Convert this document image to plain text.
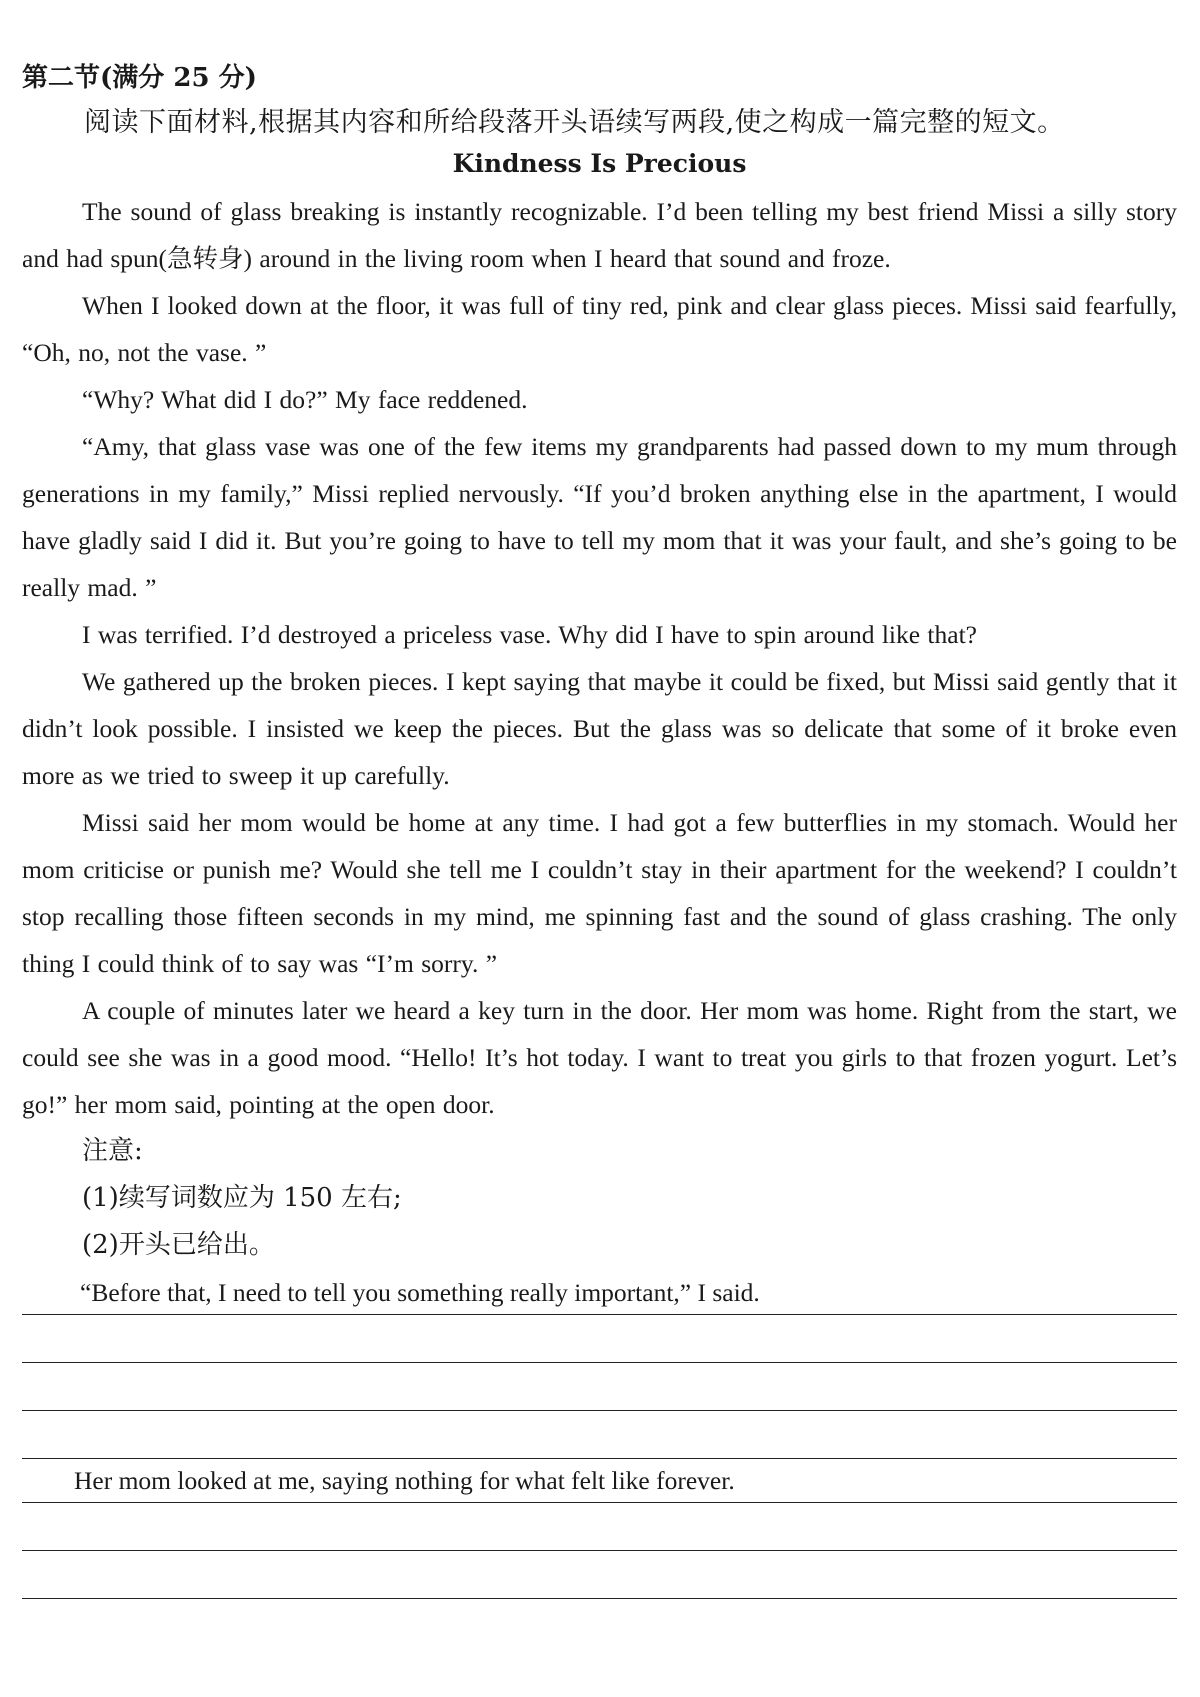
第二节(满分 25 分)

阅读下面材料,根据其内容和所给段落开头语续写两段,使之构成一篇完整的短文。

Kindness Is Precious

The sound of glass breaking is instantly recognizable. I’d been telling my best friend Missi a silly story and had spun(急转身) around in the living room when I heard that sound and froze.

When I looked down at the floor, it was full of tiny red, pink and clear glass pieces. Missi said fearfully, “Oh, no, not the vase. ”

“Why? What did I do?” My face reddened.

“Amy, that glass vase was one of the few items my grandparents had passed down to my mum through generations in my family,” Missi replied nervously. “If you’d broken anything else in the apartment, I would have gladly said I did it. But you’re going to have to tell my mom that it was your fault, and she’s going to be really mad. ”

I was terrified. I’d destroyed a priceless vase. Why did I have to spin around like that?

We gathered up the broken pieces. I kept saying that maybe it could be fixed, but Missi said gently that it didn’t look possible. I insisted we keep the pieces. But the glass was so delicate that some of it broke even more as we tried to sweep it up carefully.

Missi said her mom would be home at any time. I had got a few butterflies in my stomach. Would her mom criticise or punish me? Would she tell me I couldn’t stay in their apartment for the weekend? I couldn’t stop recalling those fifteen seconds in my mind, me spinning fast and the sound of glass crashing. The only thing I could think of to say was “I’m sorry. ”

A couple of minutes later we heard a key turn in the door. Her mom was home. Right from the start, we could see she was in a good mood. “Hello! It’s hot today. I want to treat you girls to that frozen yogurt. Let’s go!” her mom said, pointing at the open door.

注意:

(1)续写词数应为 150 左右;

(2)开头已给出。

“Before that, I need to tell you something really important,” I said.
Her mom looked at me, saying nothing for what felt like forever.
